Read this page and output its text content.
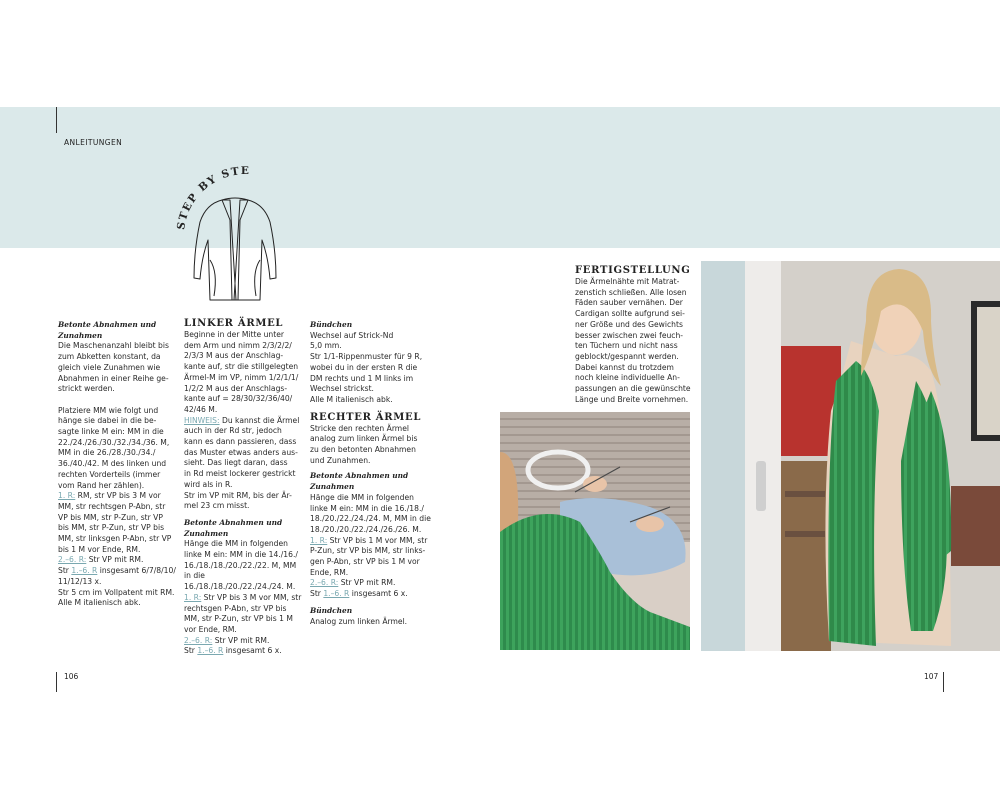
ANLEITUNGEN
STEP BY STE

Betonte Abnahmen und
Zunahmen

Die Maschenanzahl bleibt bis
zum Abketten konstant, da
gleich viele Zunahmen wie
Abnahmen in einer Reihe ge-
strickt werden.

Platziere MM wie folgt und
hänge sie dabei in die be-
sagte linke M ein: MM in die
22./24./26./30./32./34./36. M,
MM in die 26./28./30./34./
36./40./42. M des linken und
rechten Vorderteils (immer
vom Rand her zählen).

1. R: RM, str VP bis 3 M vor

MM, str rechtsgen P-Abn, str
VP bis MM, str P-Zun, str VP
bis MM, str P-Zun, str VP bis
MM, str linksgen P-Abn, str VP
bis 1 M vor Ende, RM.

2.–6. R: Str VP mit RM.

Str 1.–6. R insgesamt 6/7/8/10/
11/12/13 x.

Str 5 cm im Vollpatent mit RM.
Alle M italienisch abk.

LINKER ÄRMEL

Beginne in der Mitte unter
dem Arm und nimm 2/3/2/2/
2/3/3 M aus der Anschlag-
kante auf, str die stillgelegten
Ärmel-M im VP, nimm 1/2/1/1/
1/2/2 M aus der Anschlags-
kante auf = 28/30/32/36/40/
42/46 M.

HINWEIS: Du kannst die Ärmel

auch in der Rd str, jedoch
kann es dann passieren, dass
das Muster etwas anders aus-
sieht. Das liegt daran, dass
in Rd meist lockerer gestrickt
wird als in R.

Str im VP mit RM, bis der Är-
mel 23 cm misst.

Betonte Abnahmen und
Zunahmen

Hänge die MM in folgenden
linke M ein: MM in die 14./16./
16./18./18./20./22./22. M, MM in die
16./18./18./20./22./24./24. M.

1. R: Str VP bis 3 M vor MM, str

rechtsgen P-Abn, str VP bis
MM, str P-Zun, str VP bis 1 M
vor Ende, RM.

2.–6. R: Str VP mit RM.

Str 1.–6. R insgesamt 6 x.

Bündchen

Wechsel auf Strick-Nd
5,0 mm.
Str 1/1-Rippenmuster für 9 R,
wobei du in der ersten R die
DM rechts und 1 M links im
Wechsel strickst.
Alle M italienisch abk.

RECHTER ÄRMEL

Stricke den rechten Ärmel
analog zum linken Ärmel bis
zu den betonten Abnahmen
und Zunahmen.

Betonte Abnahmen und
Zunahmen

Hänge die MM in folgenden
linke M ein: MM in die 16./18./
18./20./22./24./24. M, MM in die
18./20./20./22./24./26./26. M.

1. R: Str VP bis 1 M vor MM, str

P-Zun, str VP bis MM, str links-
gen P-Abn, str VP bis 1 M vor
Ende, RM.

2.–6. R: Str VP mit RM.

Str 1.–6. R insgesamt 6 x.

Bündchen

Analog zum linken Ärmel.

FERTIGSTELLUNG

Die Ärmelnähte mit Matrat-
zenstich schließen. Alle losen
Fäden sauber vernähen. Der
Cardigan sollte aufgrund sei-
ner Größe und des Gewichts
besser zwischen zwei feuch-
ten Tüchern und nicht nass
geblockt/gespannt werden.
Dabei kannst du trotzdem
noch kleine individuelle An-
passungen an die gewünschte
Länge und Breite vornehmen.

106	107
